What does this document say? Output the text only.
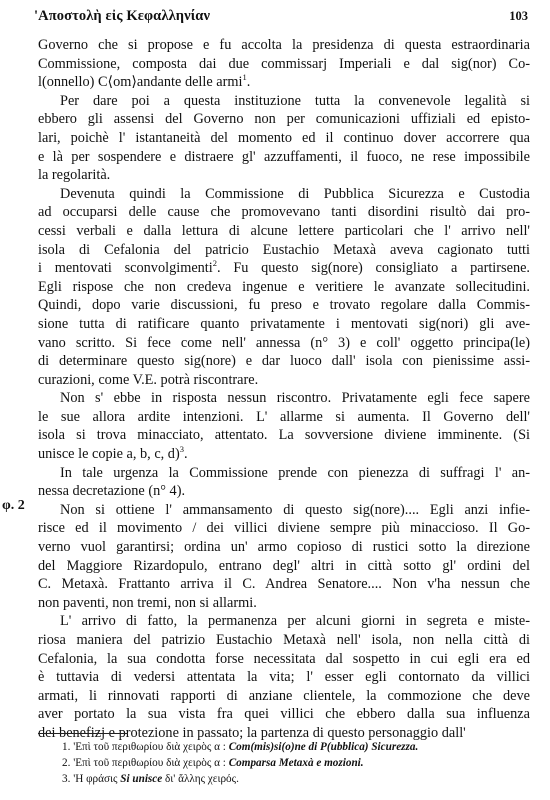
'Αποστολὴ εἰς Κεφαλληνίαν	103
φ. 2
Governo che si propose e fu accolta la presidenza di questa estraordinaria
Commissione, composta dai due commissarj Imperiali e dal sig(nor) Co-
l(onnello) C⟨om⟩andante delle armi$^1$.
Per dare poi a questa instituzione tutta la convenevole legalità si
ebbero gli assensi del Governo non per comunicazioni uffiziali ed episto-
lari, poichè l' istantaneità del momento ed il continuo dover accorrere qua
e là per sospendere e distraere gl' azzuffamenti, il fuoco, ne rese impossibile
la regolarità.
Devenuta quindi la Commissione di Pubblica Sicurezza e Custodia
ad occuparsi delle cause che promovevano tanti disordini risultò dai pro-
cessi verbali e dalla lettura di alcune lettere particolari che l' arrivo nell'
isola di Cefalonia del patricio Eustachio Metaxà aveva cagionato tutti
i mentovati sconvolgimenti$^2$. Fu questo sig(nore) consigliato a partirsene.
Egli rispose che non credeva ingenue e veritiere le avanzate sollecitudini.
Quindi, dopo varie discussioni, fu preso e trovato regolare dalla Commis-
sione tutta di ratificare quanto privatamente i mentovati sig(nori) gli ave-
vano scritto. Si fece come nell' annessa (n° 3) e coll' oggetto principa(le)
di determinare questo sig(nore) e dar luoco dall' isola con pienissime assi-
curazioni, come V.E. potrà riscontrare.
Non s' ebbe in risposta nessun riscontro. Privatamente egli fece sapere
le sue allora ardite intenzioni. L' allarme si aumenta. Il Governo dell'
isola si trova minacciato, attentato. La sovversione diviene imminente. (Si
unisce le copie a, b, c, d)$^3$.
In tale urgenza la Commissione prende con pienezza di suffragi l' an-
nessa decretazione (n° 4).
Non si ottiene l' ammansamento di questo sig(nore).... Egli anzi infie-
risce ed il movimento / dei villici diviene sempre più minaccioso. Il Go-
verno vuol garantirsi; ordina un' armo copioso di rustici sotto la direzione
del Maggiore Rizardopulo, entrano degl' altri in città sotto gl' ordini del
C. Metaxà. Frattanto arriva il C. Andrea Senatore.... Non v'ha nessun che
non paventi, non tremi, non si allarmi.
L' arrivo di fatto, la permanenza per alcuni giorni in segreta e miste-
riosa maniera del patrizio Eustachio Metaxà nell' isola, non nella città di
Cefalonia, la sua condotta forse necessitata dal sospetto in cui egli era ed
è tuttavia di vedersi attentata la vita; l' esser egli contornato da villici
armati, li rinnovati rapporti di anziane clientele, la commozione che deve
aver portato la sua vista fra quei villici che ebbero dalla sua influenza
dei benefizj e protezione in passato; la partenza di questo personaggio dall'
1. 'Επὶ τοῦ περιθωρίου διὰ χειρὸς α : Com(mis)si(o)ne di P(ubblica) Sicurezza.
2. 'Επὶ τοῦ περιθωρίου διὰ χειρὸς α : Comparsa Metaxà e mozioni.
3. 'Η φράσις Si unisce δι' ἄλλης χειρός.
